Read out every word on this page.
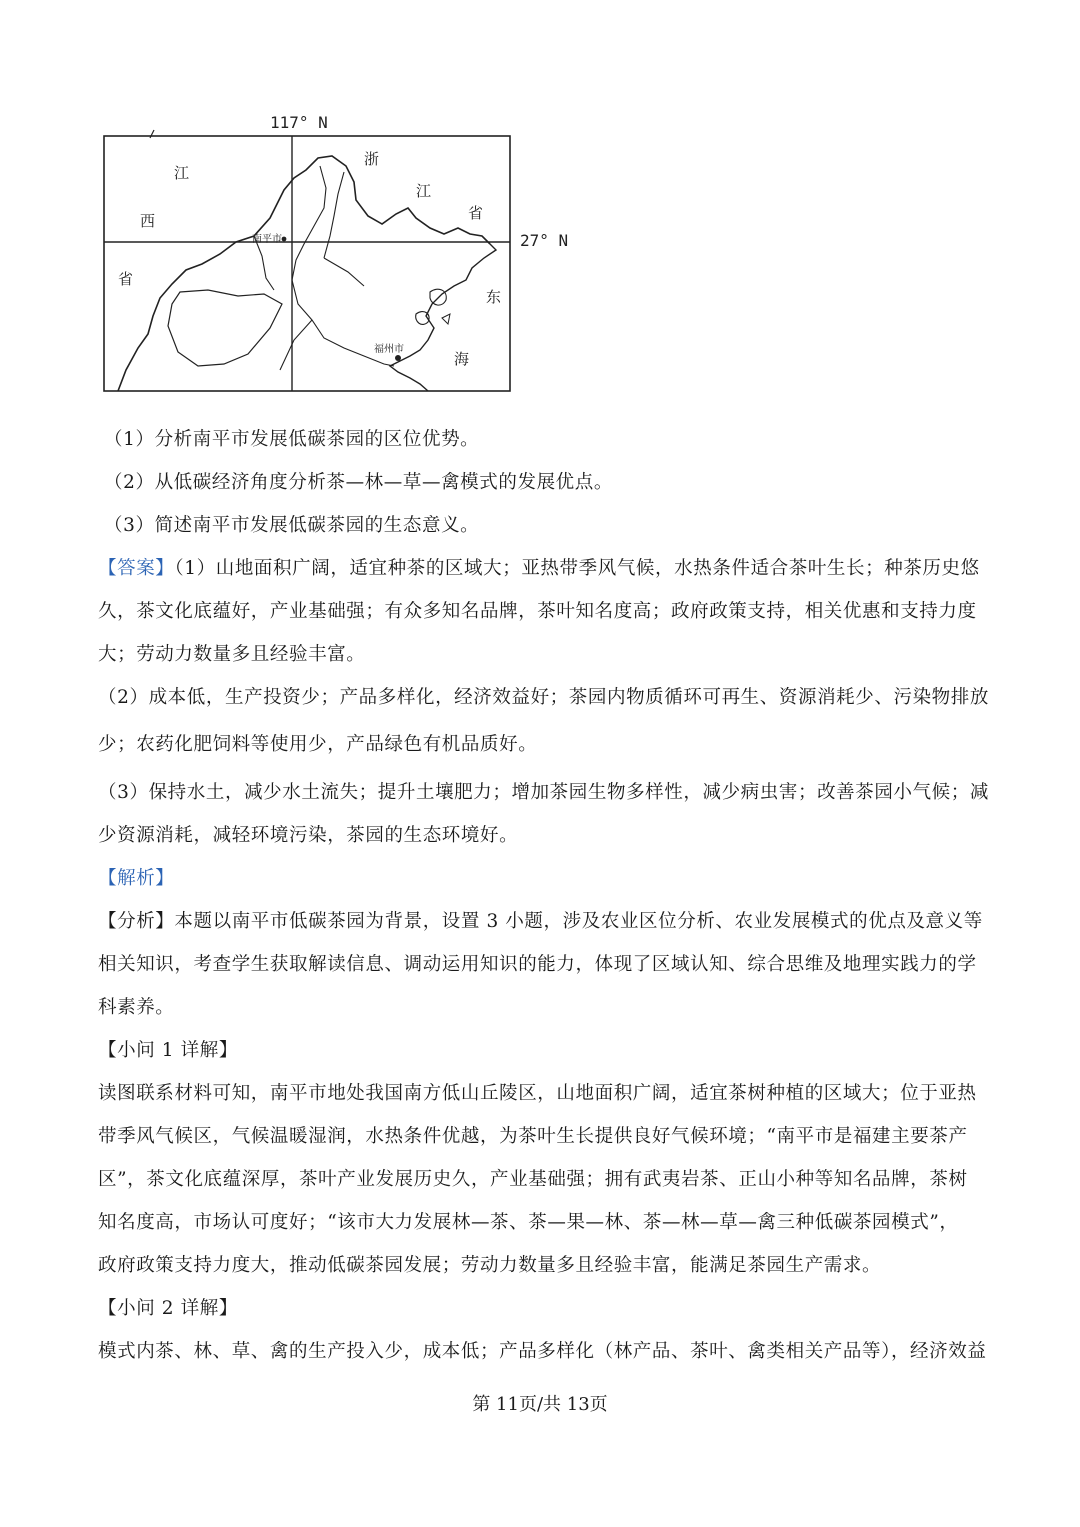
117° N
27° N
江
西
省
浙
江
省
东
海
南平市
福州市
（1）分析南平市发展低碳茶园的区位优势。
（2）从低碳经济角度分析茶—林—草—禽模式的发展优点。
（3）简述南平市发展低碳茶园的生态意义。
【答案】（1）山地面积广阔，适宜种茶的区域大；亚热带季风气候，水热条件适合茶叶生长；种茶历史悠
久，茶文化底蕴好，产业基础强；有众多知名品牌，茶叶知名度高；政府政策支持，相关优惠和支持力度
大；劳动力数量多且经验丰富。
（2）成本低，生产投资少；产品多样化，经济效益好；茶园内物质循环可再生、资源消耗少、污染物排放
少；农药化肥饲料等使用少，产品绿色有机品质好。
（3）保持水土，减少水土流失；提升土壤肥力；增加茶园生物多样性，减少病虫害；改善茶园小气候；减
少资源消耗，减轻环境污染，茶园的生态环境好。
【解析】
【分析】本题以南平市低碳茶园为背景，设置 3 小题，涉及农业区位分析、农业发展模式的优点及意义等
相关知识，考查学生获取解读信息、调动运用知识的能力，体现了区域认知、综合思维及地理实践力的学
科素养。
【小问 1 详解】
读图联系材料可知，南平市地处我国南方低山丘陵区，山地面积广阔，适宜茶树种植的区域大；位于亚热
带季风气候区，气候温暖湿润，水热条件优越，为茶叶生长提供良好气候环境；“南平市是福建主要茶产
区”，茶文化底蕴深厚，茶叶产业发展历史久，产业基础强；拥有武夷岩茶、正山小种等知名品牌，茶树
知名度高，市场认可度好；“该市大力发展林—茶、茶—果—林、茶—林—草—禽三种低碳茶园模式”，
政府政策支持力度大，推动低碳茶园发展；劳动力数量多且经验丰富，能满足茶园生产需求。
【小问 2 详解】
模式内茶、林、草、禽的生产投入少，成本低；产品多样化（林产品、茶叶、禽类相关产品等），经济效益
第 11页/共 13页
